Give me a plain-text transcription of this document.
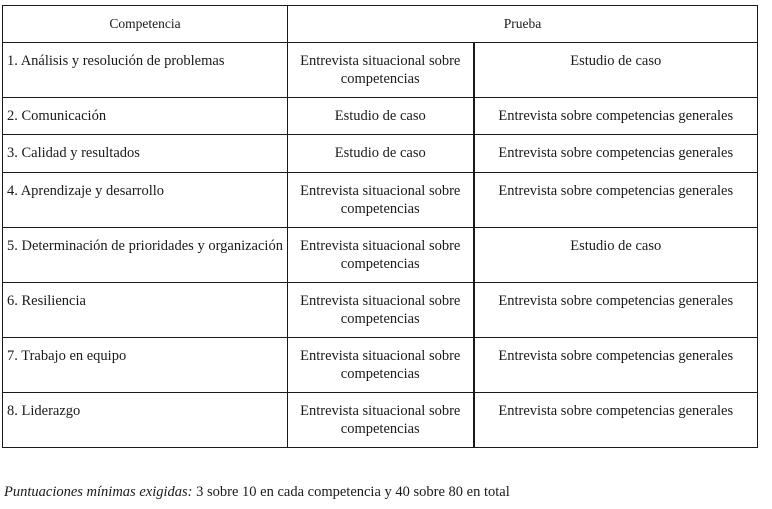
Competencia	Prueba	
1. Análisis y resolución de problemas	Entrevista situacional sobre competencias	Estudio de caso
2. Comunicación	Estudio de caso	Entrevista sobre competencias generales
3. Calidad y resultados	Estudio de caso	Entrevista sobre competencias generales
4. Aprendizaje y desarrollo	Entrevista situacional sobre competencias	Entrevista sobre competencias generales
5. Determinación de prioridades y organización	Entrevista situacional sobre competencias	Estudio de caso
6. Resiliencia	Entrevista situacional sobre competencias	Entrevista sobre competencias generales
7. Trabajo en equipo	Entrevista situacional sobre competencias	Entrevista sobre competencias generales
8. Liderazgo	Entrevista situacional sobre competencias	Entrevista sobre competencias generales
Puntuaciones mínimas exigidas: 3 sobre 10 en cada competencia y 40 sobre 80 en total
